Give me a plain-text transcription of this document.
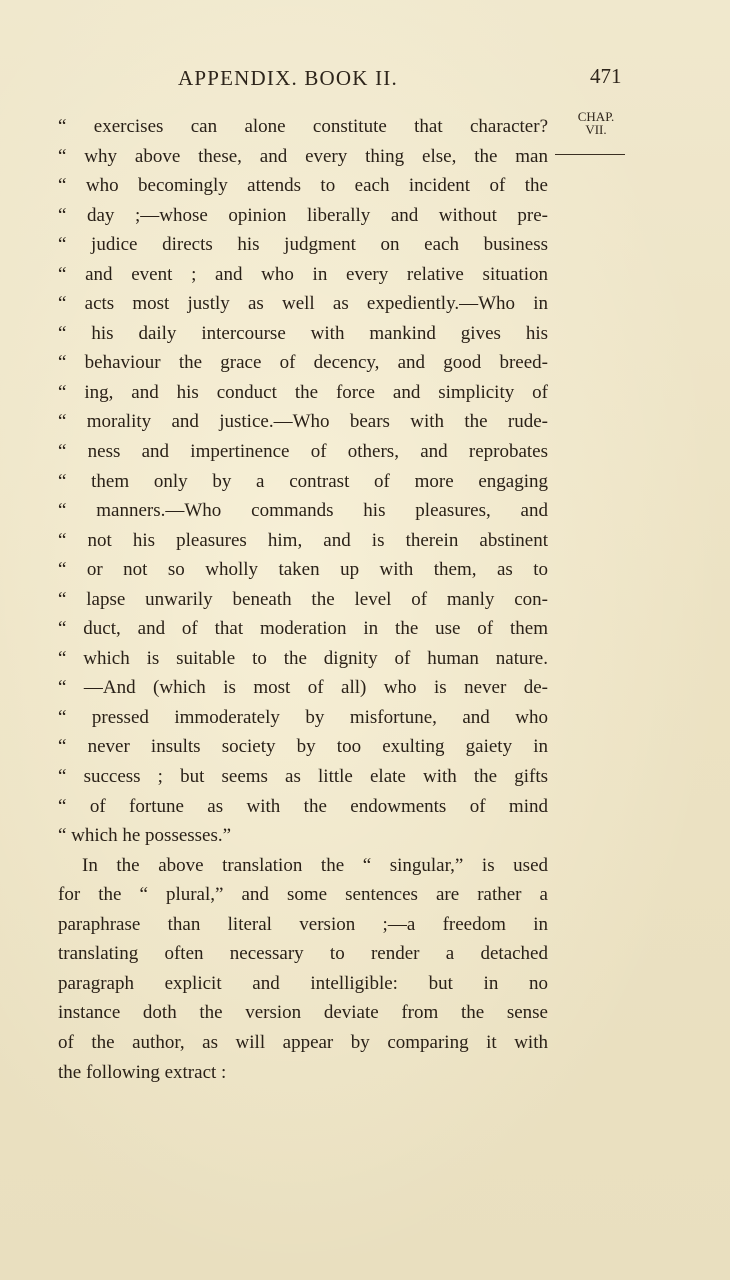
APPENDIX. BOOK II.	471
CHAP.
VII.
“ exercises can alone constitute that character?
“ why above these, and every thing else, the man
“ who becomingly attends to each incident of the
“ day ;—whose opinion liberally and without pre-
“ judice directs his judgment on each business
“ and event ; and who in every relative situation
“ acts most justly as well as expediently.—Who in
“ his daily intercourse with mankind gives his
“ behaviour the grace of decency, and good breed-
“ ing, and his conduct the force and simplicity of
“ morality and justice.—Who bears with the rude-
“ ness and impertinence of others, and reprobates
“ them only by a contrast of more engaging
“ manners.—Who commands his pleasures, and
“ not his pleasures him, and is therein abstinent
“ or not so wholly taken up with them, as to
“ lapse unwarily beneath the level of manly con-
“ duct, and of that moderation in the use of them
“ which is suitable to the dignity of human nature.
“ —And (which is most of all) who is never de-
“ pressed immoderately by misfortune, and who
“ never insults society by too exulting gaiety in
“ success ; but seems as little elate with the gifts
“ of fortune as with the endowments of mind
“ which he possesses.”
In the above translation the “ singular,” is used
for the “ plural,” and some sentences are rather a
paraphrase than literal version ;—a freedom in
translating often necessary to render a detached
paragraph explicit and intelligible: but in no
instance doth the version deviate from the sense
of the author, as will appear by comparing it with
the following extract :
